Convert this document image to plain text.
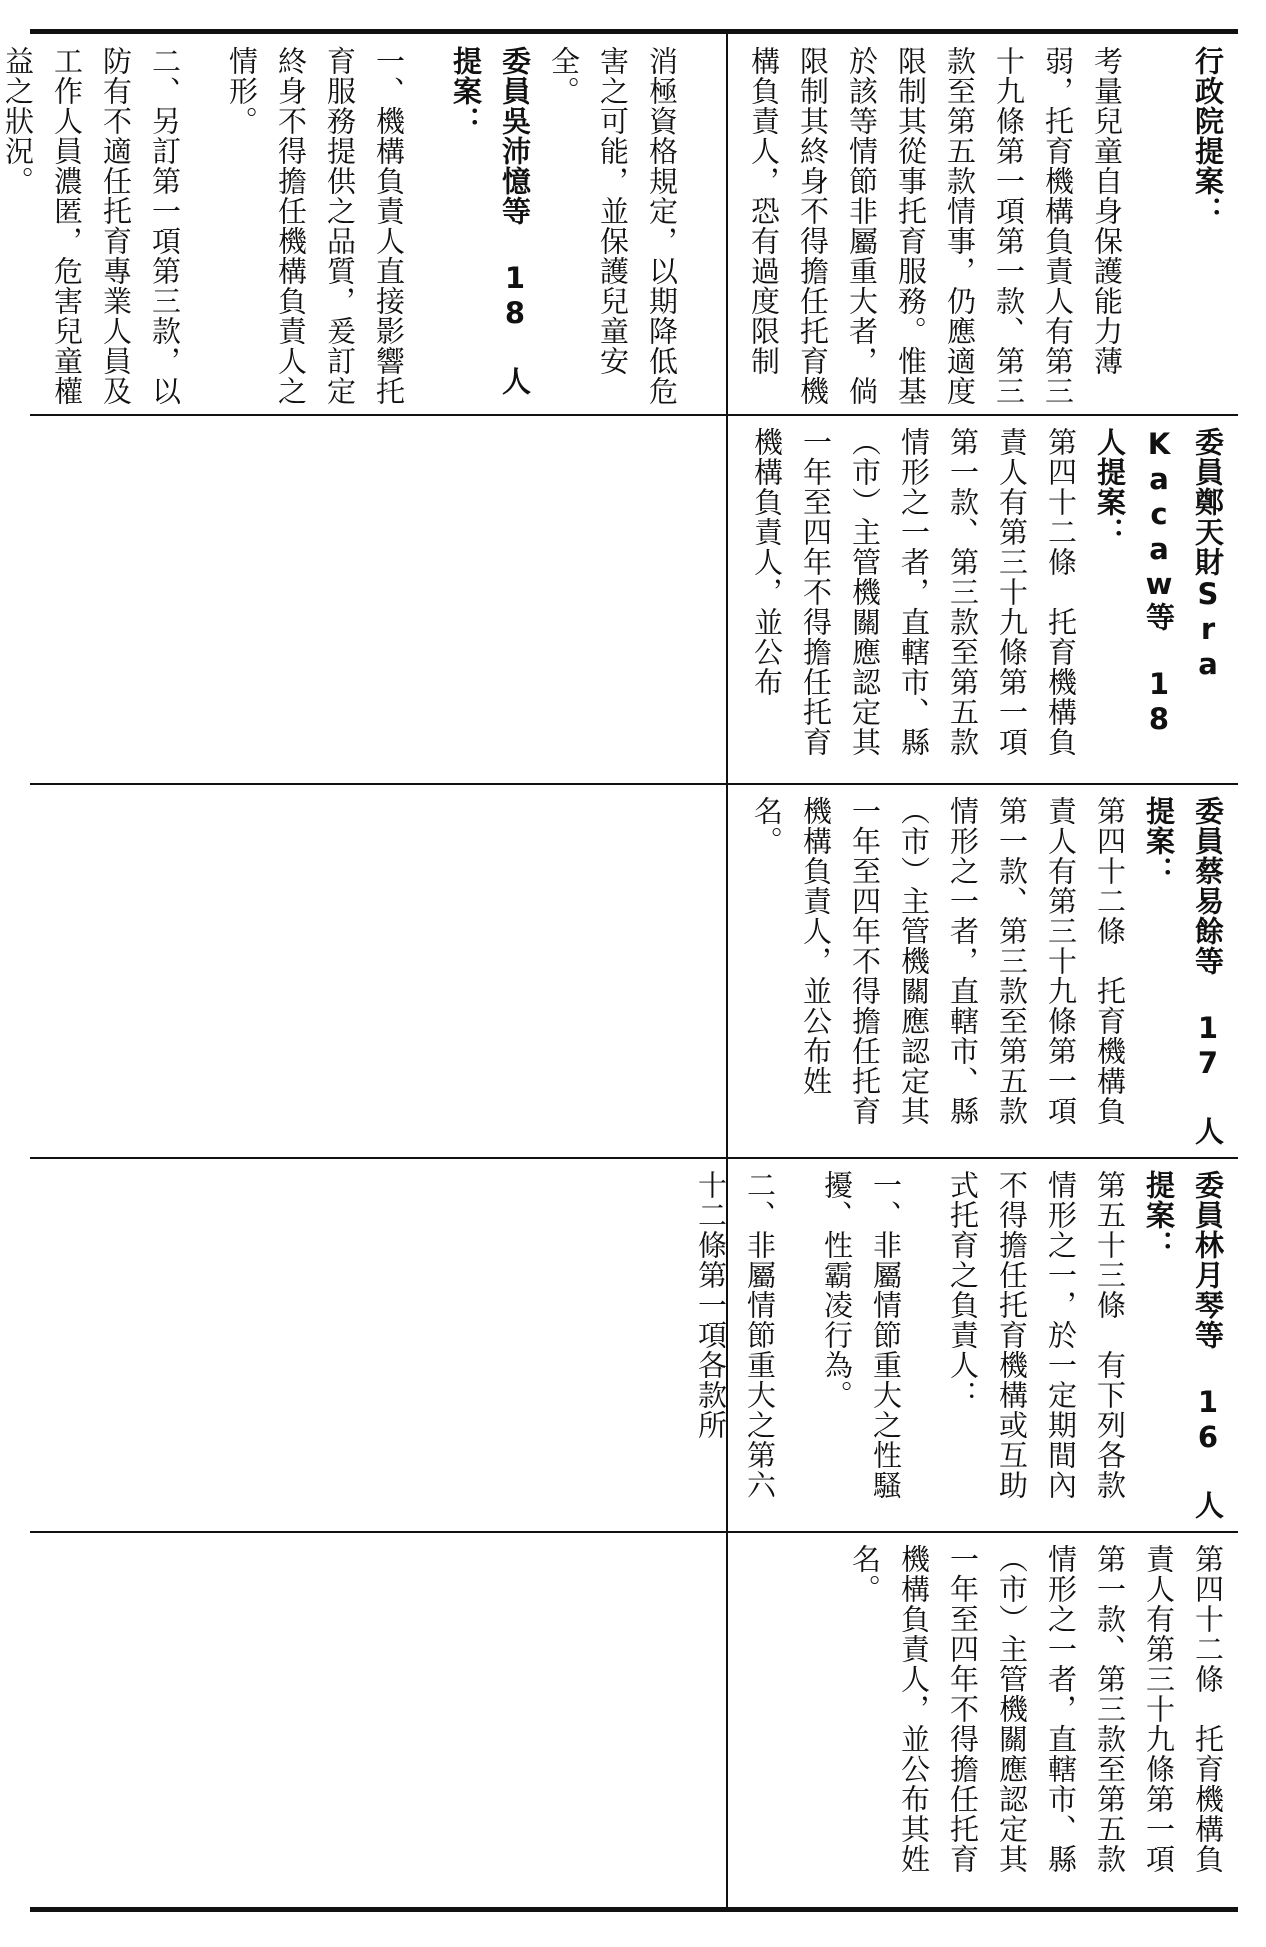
消極資格規定，以期降低危害之可能，並保護兒童安全。

委員吳沛憶等 18 人提案：

一、機構負責人直接影響托育服務提供之品質，爰訂定終身不得擔任機構負責人之情形。

二、另訂第一項第三款，以防有不適任托育專業人員及工作人員濃匿，危害兒童權益之狀況。	行政院提案：

考量兒童自身保護能力薄弱，托育機構負責人有第三十九條第一項第一款、第三款至第五款情事，仍應適度限制其從事托育服務。惟基於該等情節非屬重大者，倘限制其終身不得擔任托育機構負責人，恐有過度限制

委員鄭天財Sra Kacaw等 18 人提案：

第四十二條　托育機構負責人有第三十九條第一項第一款、第三款至第五款情形之一者，直轄市、縣（市）主管機關應認定其一年至四年不得擔任托育機構負責人，並公布

委員蔡易餘等 17 人提案：

第四十二條　托育機構負責人有第三十九條第一項第一款、第三款至第五款情形之一者，直轄市、縣（市）主管機關應認定其一年至四年不得擔任托育機構負責人，並公布姓名。

委員林月琴等 16 人提案：

第五十三條　有下列各款情形之一，於一定期間內不得擔任托育機構或互助式托育之負責人：

一、非屬情節重大之性騷擾、性霸凌行為。

二、非屬情節重大之第六十二條第一項各款所

第四十二條　托育機構負責人有第三十九條第一項第一款、第三款至第五款情形之一者，直轄市、縣（市）主管機關應認定其一年至四年不得擔任托育機構負責人，並公布其姓名。
